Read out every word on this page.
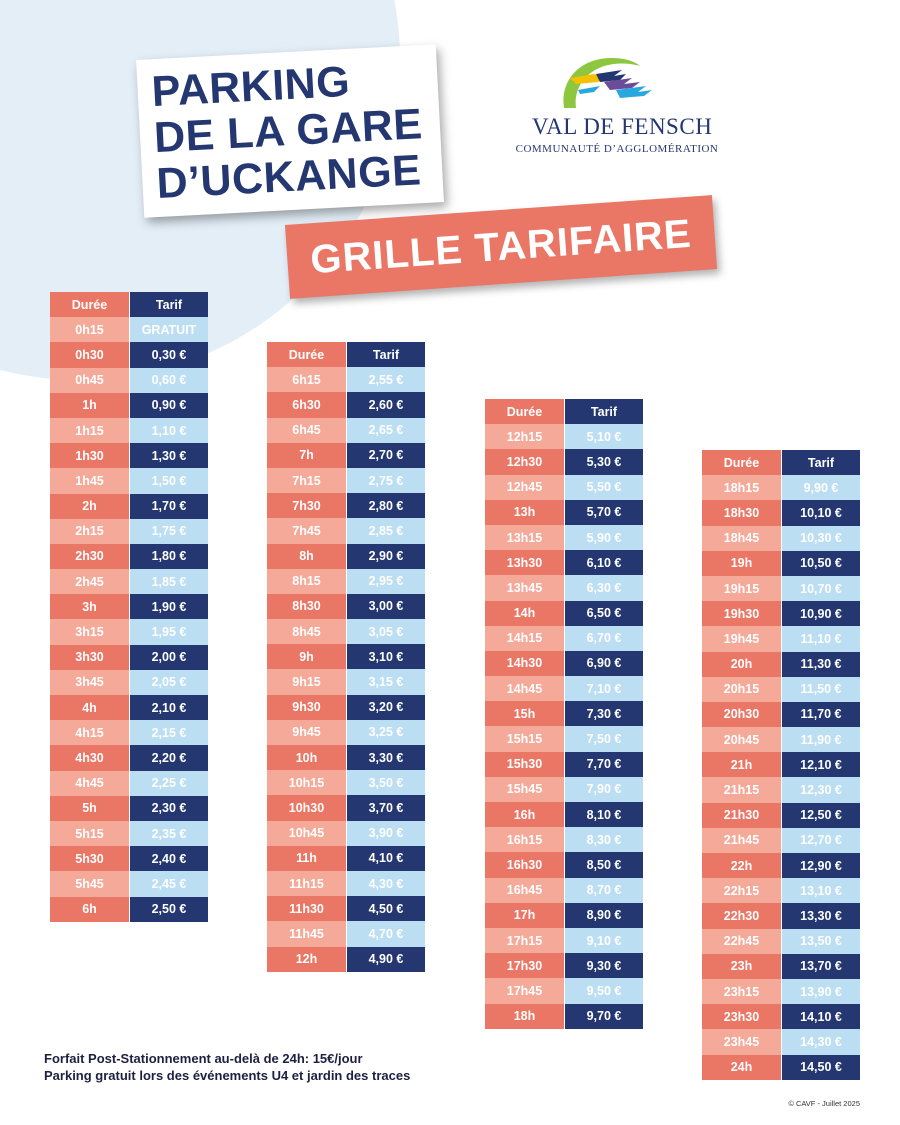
PARKING
DE LA GARE
D’UCKANGE
VAL DE FENSCH
COMMUNAUTÉ D’AGGLOMÉRATION
GRILLE TARIFAIRE
Durée	Tarif
0h15	GRATUIT
0h30	0,30 €
0h45	0,60 €
1h	0,90 €
1h15	1,10 €
1h30	1,30 €
1h45	1,50 €
2h	1,70 €
2h15	1,75 €
2h30	1,80 €
2h45	1,85 €
3h	1,90 €
3h15	1,95 €
3h30	2,00 €
3h45	2,05 €
4h	2,10 €
4h15	2,15 €
4h30	2,20 €
4h45	2,25 €
5h	2,30 €
5h15	2,35 €
5h30	2,40 €
5h45	2,45 €
6h	2,50 €
Durée	Tarif
6h15	2,55 €
6h30	2,60 €
6h45	2,65 €
7h	2,70 €
7h15	2,75 €
7h30	2,80 €
7h45	2,85 €
8h	2,90 €
8h15	2,95 €
8h30	3,00 €
8h45	3,05 €
9h	3,10 €
9h15	3,15 €
9h30	3,20 €
9h45	3,25 €
10h	3,30 €
10h15	3,50 €
10h30	3,70 €
10h45	3,90 €
11h	4,10 €
11h15	4,30 €
11h30	4,50 €
11h45	4,70 €
12h	4,90 €
Durée	Tarif
12h15	5,10 €
12h30	5,30 €
12h45	5,50 €
13h	5,70 €
13h15	5,90 €
13h30	6,10 €
13h45	6,30 €
14h	6,50 €
14h15	6,70 €
14h30	6,90 €
14h45	7,10 €
15h	7,30 €
15h15	7,50 €
15h30	7,70 €
15h45	7,90 €
16h	8,10 €
16h15	8,30 €
16h30	8,50 €
16h45	8,70 €
17h	8,90 €
17h15	9,10 €
17h30	9,30 €
17h45	9,50 €
18h	9,70 €
Durée	Tarif
18h15	9,90 €
18h30	10,10 €
18h45	10,30 €
19h	10,50 €
19h15	10,70 €
19h30	10,90 €
19h45	11,10 €
20h	11,30 €
20h15	11,50 €
20h30	11,70 €
20h45	11,90 €
21h	12,10 €
21h15	12,30 €
21h30	12,50 €
21h45	12,70 €
22h	12,90 €
22h15	13,10 €
22h30	13,30 €
22h45	13,50 €
23h	13,70 €
23h15	13,90 €
23h30	14,10 €
23h45	14,30 €
24h	14,50 €
Forfait Post-Stationnement au-delà de 24h: 15€/jour
Parking gratuit lors des événements U4 et jardin des traces
© CAVF - Juillet 2025
